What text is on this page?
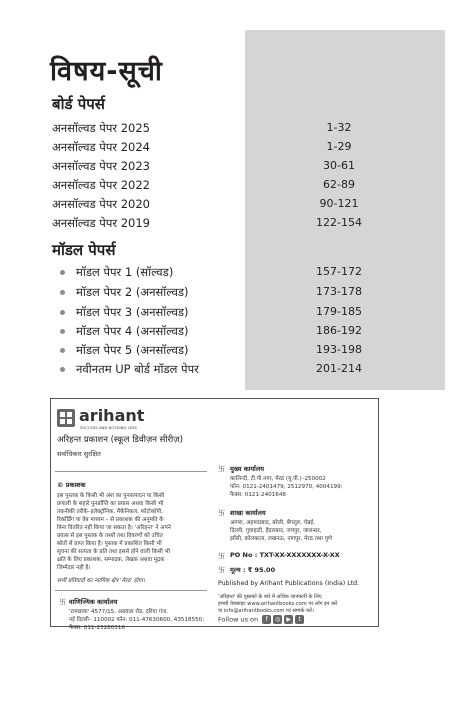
विषय-सूची
बोर्ड पेपर्स
अनसॉल्वड पेपर 2025	1-32
अनसॉल्वड पेपर 2024	1-29
अनसॉल्वड पेपर 2023	30-61
अनसॉल्वड पेपर 2022	62-89
अनसॉल्वड पेपर 2020	90-121
अनसॉल्वड पेपर 2019	122-154
मॉडल पेपर्स
मॉडल पेपर 1 (सॉल्वड)	157-172
मॉडल पेपर 2 (अनसॉल्वड)	173-178
मॉडल पेपर 3 (अनसॉल्वड)	179-185
मॉडल पेपर 4 (अनसॉल्वड)	186-192
मॉडल पेपर 5 (अनसॉल्वड)	193-198
नवीनतम UP बोर्ड मॉडल पेपर	201-214
arihant
SUCCESS AND NOTHING LESS
अरिहन्त प्रकाशन (स्कूल डिवीज़न सीरीज़)
सर्वाधिकार सुरक्षित
© प्रकाशक
इस पुस्तक के किसी भी अंश का पुनरुत्पादन या किसी
प्रणाली के सहारे पुनर्प्राप्ति का प्रयास अथवा किसी भी
तकनीकी तरीके–इलेक्ट्रॉनिक, मैकेनिकल, फोटोकॉपी,
रिकॉर्डिंग या वेब माध्यम – से प्रकाशक की अनुमति के
बिना वितरित नहीं किया जा सकता है। 'अरिहन्त' ने अपने
प्रयास से इस पुस्तक के तथ्यों तथा विवरणों को उचित
स्रोतों से प्राप्त किया है। पुस्तक में प्रकाशित किसी भी
सूचना की सत्यता के प्रति तथा इससे होने वाली किसी भी
क्षति के लिए प्रकाशक, सम्पादक, लेखक अथवा मुद्रक
जिम्मेदार नहीं है।
सभी प्रतिवादों का न्यायिक क्षेत्र 'मेरठ' होगा।
卐 वाणिज्यिक कार्यालय
'रामछाया' 4577/15, अग्रवाल रोड, दरिया गंज,
नई दिल्ली– 110002 फोन: 011-47630600, 43518550;
फैक्स: 011-23280316
卐 मुख्य कार्यालय
कालिन्दी, टी.पी.नगर, मेरठ (यू.पी.)–250002
फोन: 0121-2401479, 2512970, 4004199;
फैक्स: 0121-2401648
卐 शाखा कार्यालय
आगरा, अहमदाबाद, बरेली, बेंगलुरु, चेन्नई,
दिल्ली, गुवाहाटी, हैदराबाद, जयपुर, जालन्धर,
झाँसी, कोलकाता, लखनऊ, नागपुर, मेरठ तथा पुणे
卐 PO No : TXT-XX-XXXXXXX-X-XX
卐 मूल्य : ₹ 95.00
Published by Arihant Publications (India) Ltd.
'अरिहन्त' की पुस्तकों के बारे में अधिक जानकारी के लिए
हमारी वेबसाइट www.arihantbooks.com पर लॉग इन करें
या info@arihantbooks.com पर सम्पर्क करें।
Follow us on f ◎ ▶ t
